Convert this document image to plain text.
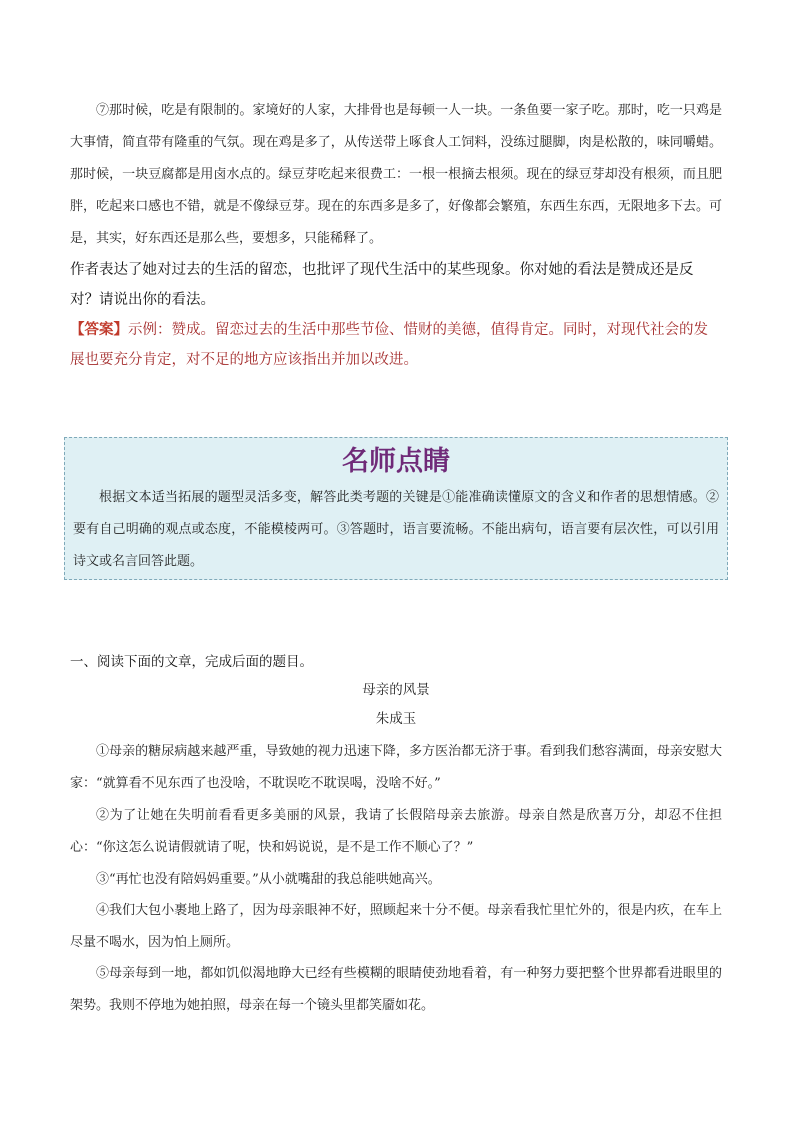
⑦那时候，吃是有限制的。家境好的人家，大排骨也是每顿一人一块。一条鱼要一家子吃。那时，吃一只鸡是大事情，简直带有隆重的气氛。现在鸡是多了，从传送带上啄食人工饲料，没练过腿脚，肉是松散的，味同嚼蜡。那时候，一块豆腐都是用卤水点的。绿豆芽吃起来很费工：一根一根摘去根须。现在的绿豆芽却没有根须，而且肥胖，吃起来口感也不错，就是不像绿豆芽。现在的东西多是多了，好像都会繁殖，东西生东西，无限地多下去。可是，其实，好东西还是那么些，要想多，只能稀释了。

作者表达了她对过去的生活的留恋，也批评了现代生活中的某些现象。你对她的看法是赞成还是反对？请说出你的看法。

【答案】示例：赞成。留恋过去的生活中那些节俭、惜财的美德，值得肯定。同时，对现代社会的发展也要充分肯定，对不足的地方应该指出并加以改进。

名师点睛

根据文本适当拓展的题型灵活多变，解答此类考题的关键是①能准确读懂原文的含义和作者的思想情感。②要有自己明确的观点或态度，不能模棱两可。③答题时，语言要流畅。不能出病句，语言要有层次性，可以引用诗文或名言回答此题。

一、阅读下面的文章，完成后面的题目。

母亲的风景
朱成玉

①母亲的糖尿病越来越严重，导致她的视力迅速下降，多方医治都无济于事。看到我们愁容满面，母亲安慰大家：“就算看不见东西了也没啥，不耽误吃不耽误喝，没啥不好。”

②为了让她在失明前看看更多美丽的风景，我请了长假陪母亲去旅游。母亲自然是欣喜万分，却忍不住担心：“你这怎么说请假就请了呢，快和妈说说，是不是工作不顺心了？”

③“再忙也没有陪妈妈重要。”从小就嘴甜的我总能哄她高兴。

④我们大包小裹地上路了，因为母亲眼神不好，照顾起来十分不便。母亲看我忙里忙外的，很是内疚，在车上尽量不喝水，因为怕上厕所。

⑤母亲每到一地，都如饥似渴地睁大已经有些模糊的眼睛使劲地看着，有一种努力要把整个世界都看进眼里的架势。我则不停地为她拍照，母亲在每一个镜头里都笑靥如花。
